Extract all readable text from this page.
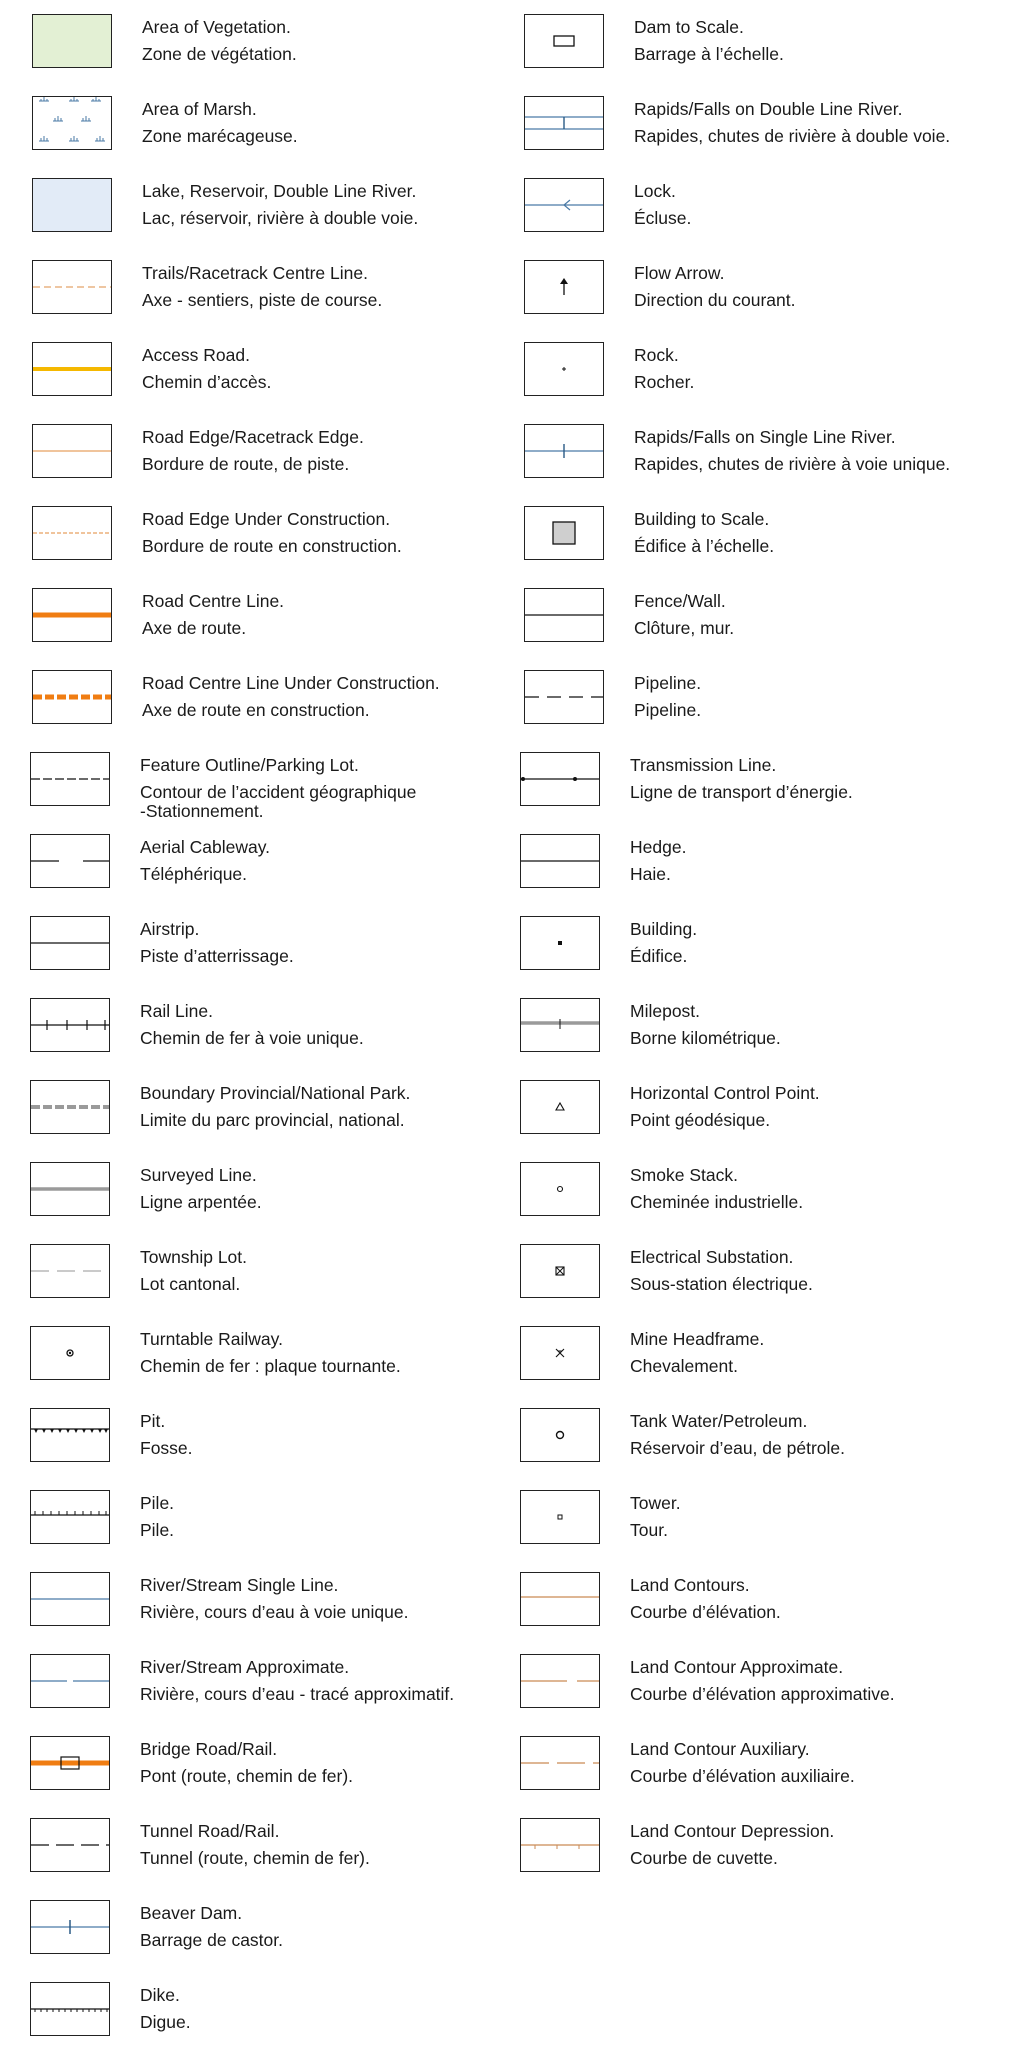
Area of Vegetation.
Zone de végétation.
Area of Marsh.
Zone marécageuse.
Lake, Reservoir, Double Line River.
Lac, réservoir, rivière à double voie.
Trails/Racetrack Centre Line.
Axe - sentiers, piste de course.
Access Road.
Chemin d’accès.
Road Edge/Racetrack Edge.
Bordure de route, de piste.
Road Edge Under Construction.
Bordure de route en construction.
Road Centre Line.
Axe de route.
Road Centre Line Under Construction.
Axe de route en construction.
Feature Outline/Parking Lot.
Contour de l’accident géographique
-Stationnement.
Aerial Cableway.
Téléphérique.
Airstrip.
Piste d’atterrissage.
Rail Line.
Chemin de fer à voie unique.
Boundary Provincial/National Park.
Limite du parc provincial, national.
Surveyed Line.
Ligne arpentée.
Township Lot.
Lot cantonal.
Turntable Railway.
Chemin de fer : plaque tournante.
Pit.
Fosse.
Pile.
Pile.
River/Stream Single Line.
Rivière, cours d’eau à voie unique.
River/Stream Approximate.
Rivière, cours d’eau - tracé approximatif.
Bridge Road/Rail.
Pont (route, chemin de fer).
Tunnel Road/Rail.
Tunnel (route, chemin de fer).
Beaver Dam.
Barrage de castor.
Dike.
Digue.
Dam to Scale.
Barrage à l’échelle.
Rapids/Falls on Double Line River.
Rapides, chutes de rivière à double voie.
Lock.
Écluse.
Flow Arrow.
Direction du courant.
Rock.
Rocher.
Rapids/Falls on Single Line River.
Rapides, chutes de rivière à voie unique.
Building to Scale.
Édifice à l’échelle.
Fence/Wall.
Clôture, mur.
Pipeline.
Pipeline.
Transmission Line.
Ligne de transport d’énergie.
Hedge.
Haie.
Building.
Édifice.
Milepost.
Borne kilométrique.
Horizontal Control Point.
Point géodésique.
Smoke Stack.
Cheminée industrielle.
Electrical Substation.
Sous-station électrique.
Mine Headframe.
Chevalement.
Tank Water/Petroleum.
Réservoir d’eau, de pétrole.
Tower.
Tour.
Land Contours.
Courbe d’élévation.
Land Contour Approximate.
Courbe d’élévation approximative.
Land Contour Auxiliary.
Courbe d’élévation auxiliaire.
Land Contour Depression.
Courbe de cuvette.
